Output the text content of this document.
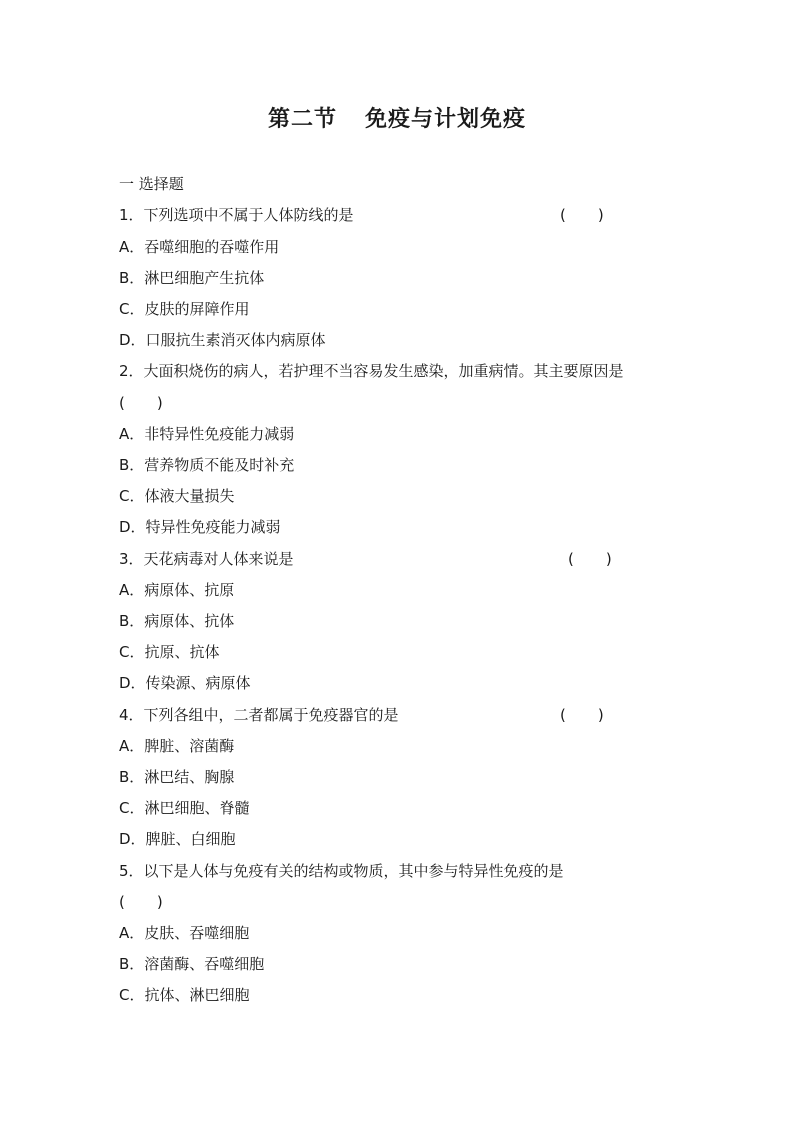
第二节 免疫与计划免疫
一 选择题
1．下列选项中不属于人体防线的是	( )
A．吞噬细胞的吞噬作用
B．淋巴细胞产生抗体
C．皮肤的屏障作用
D．口服抗生素消灭体内病原体
2．大面积烧伤的病人，若护理不当容易发生感染，加重病情。其主要原因是
( )
A．非特异性免疫能力减弱
B．营养物质不能及时补充
C．体液大量损失
D．特异性免疫能力减弱
3．天花病毒对人体来说是	( )
A．病原体、抗原
B．病原体、抗体
C．抗原、抗体
D．传染源、病原体
4．下列各组中，二者都属于免疫器官的是	( )
A．脾脏、溶菌酶
B．淋巴结、胸腺
C．淋巴细胞、脊髓
D．脾脏、白细胞
5．以下是人体与免疫有关的结构或物质，其中参与特异性免疫的是
( )
A．皮肤、吞噬细胞
B．溶菌酶、吞噬细胞
C．抗体、淋巴细胞
